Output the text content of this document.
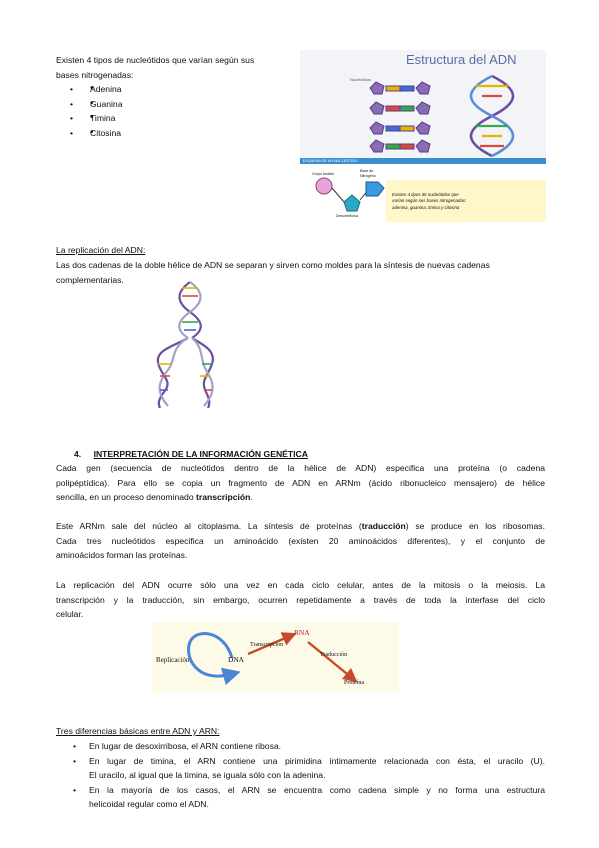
Existen 4 tipos de nucleótidos que varían según sus

bases nitrogenadas:

• • Adenina
• • Guanina
• • Timina
• • Citosina
Estructura del ADN
Nucleótidos
ESQUEMA DE UN NUCLEÓTIDO
Grupo fosfato
Base de
Nitrógeno
Desoxirribosa
Existen 4 tipos de nucleótidos que
varían según sus bases nitrogenadas:
adenina, guanina, timina y citosina

La replicación del ADN:

Las dos cadenas de la doble hélice de ADN se separan y sirven como moldes para la síntesis de nuevas cadenas

complementarias.

4. INTERPRETACIÓN DE LA INFORMACIÓN GENÉTICA

Cada gen (secuencia de nucleótidos dentro de la hélice de ADN) especifica una proteína (o cadena

polipéptídica). Para ello se copia un fragmento de ADN en ARNm (ácido ribonucleico mensajero) de hélice

sencilla, en un proceso denominado transcripción.

Este ARNm sale del núcleo al citoplasma. La síntesis de proteínas (traducción) se produce en los ribosomas.

Cada tres nucleótidos especifica un aminoácido (existen 20 aminoácidos diferentes), y el conjunto de

aminoácidos forman las proteínas.

La replicación del ADN ocurre sólo una vez en cada ciclo celular, antes de la mitosis o la meiosis. La

transcripción y la traducción, sin embargo, ocurren repetidamente a través de toda la interfase del ciclo

celular.

Replicación	DNA
Transcripción
RNA
Traducción
Proteína

Tres diferencias básicas entre ADN y ARN:

• En lugar de desoxirribosa, el ARN contiene ribosa.
• En lugar de timina, el ARN contiene una pirimidina íntimamente relacionada con ésta, el uracilo (U).

El uracilo, al igual que la timina, se iguala sólo con la adenina.

• En la mayoría de los casos, el ARN se encuentra como cadena simple y no forma una estructura

helicoidal regular como el ADN.
